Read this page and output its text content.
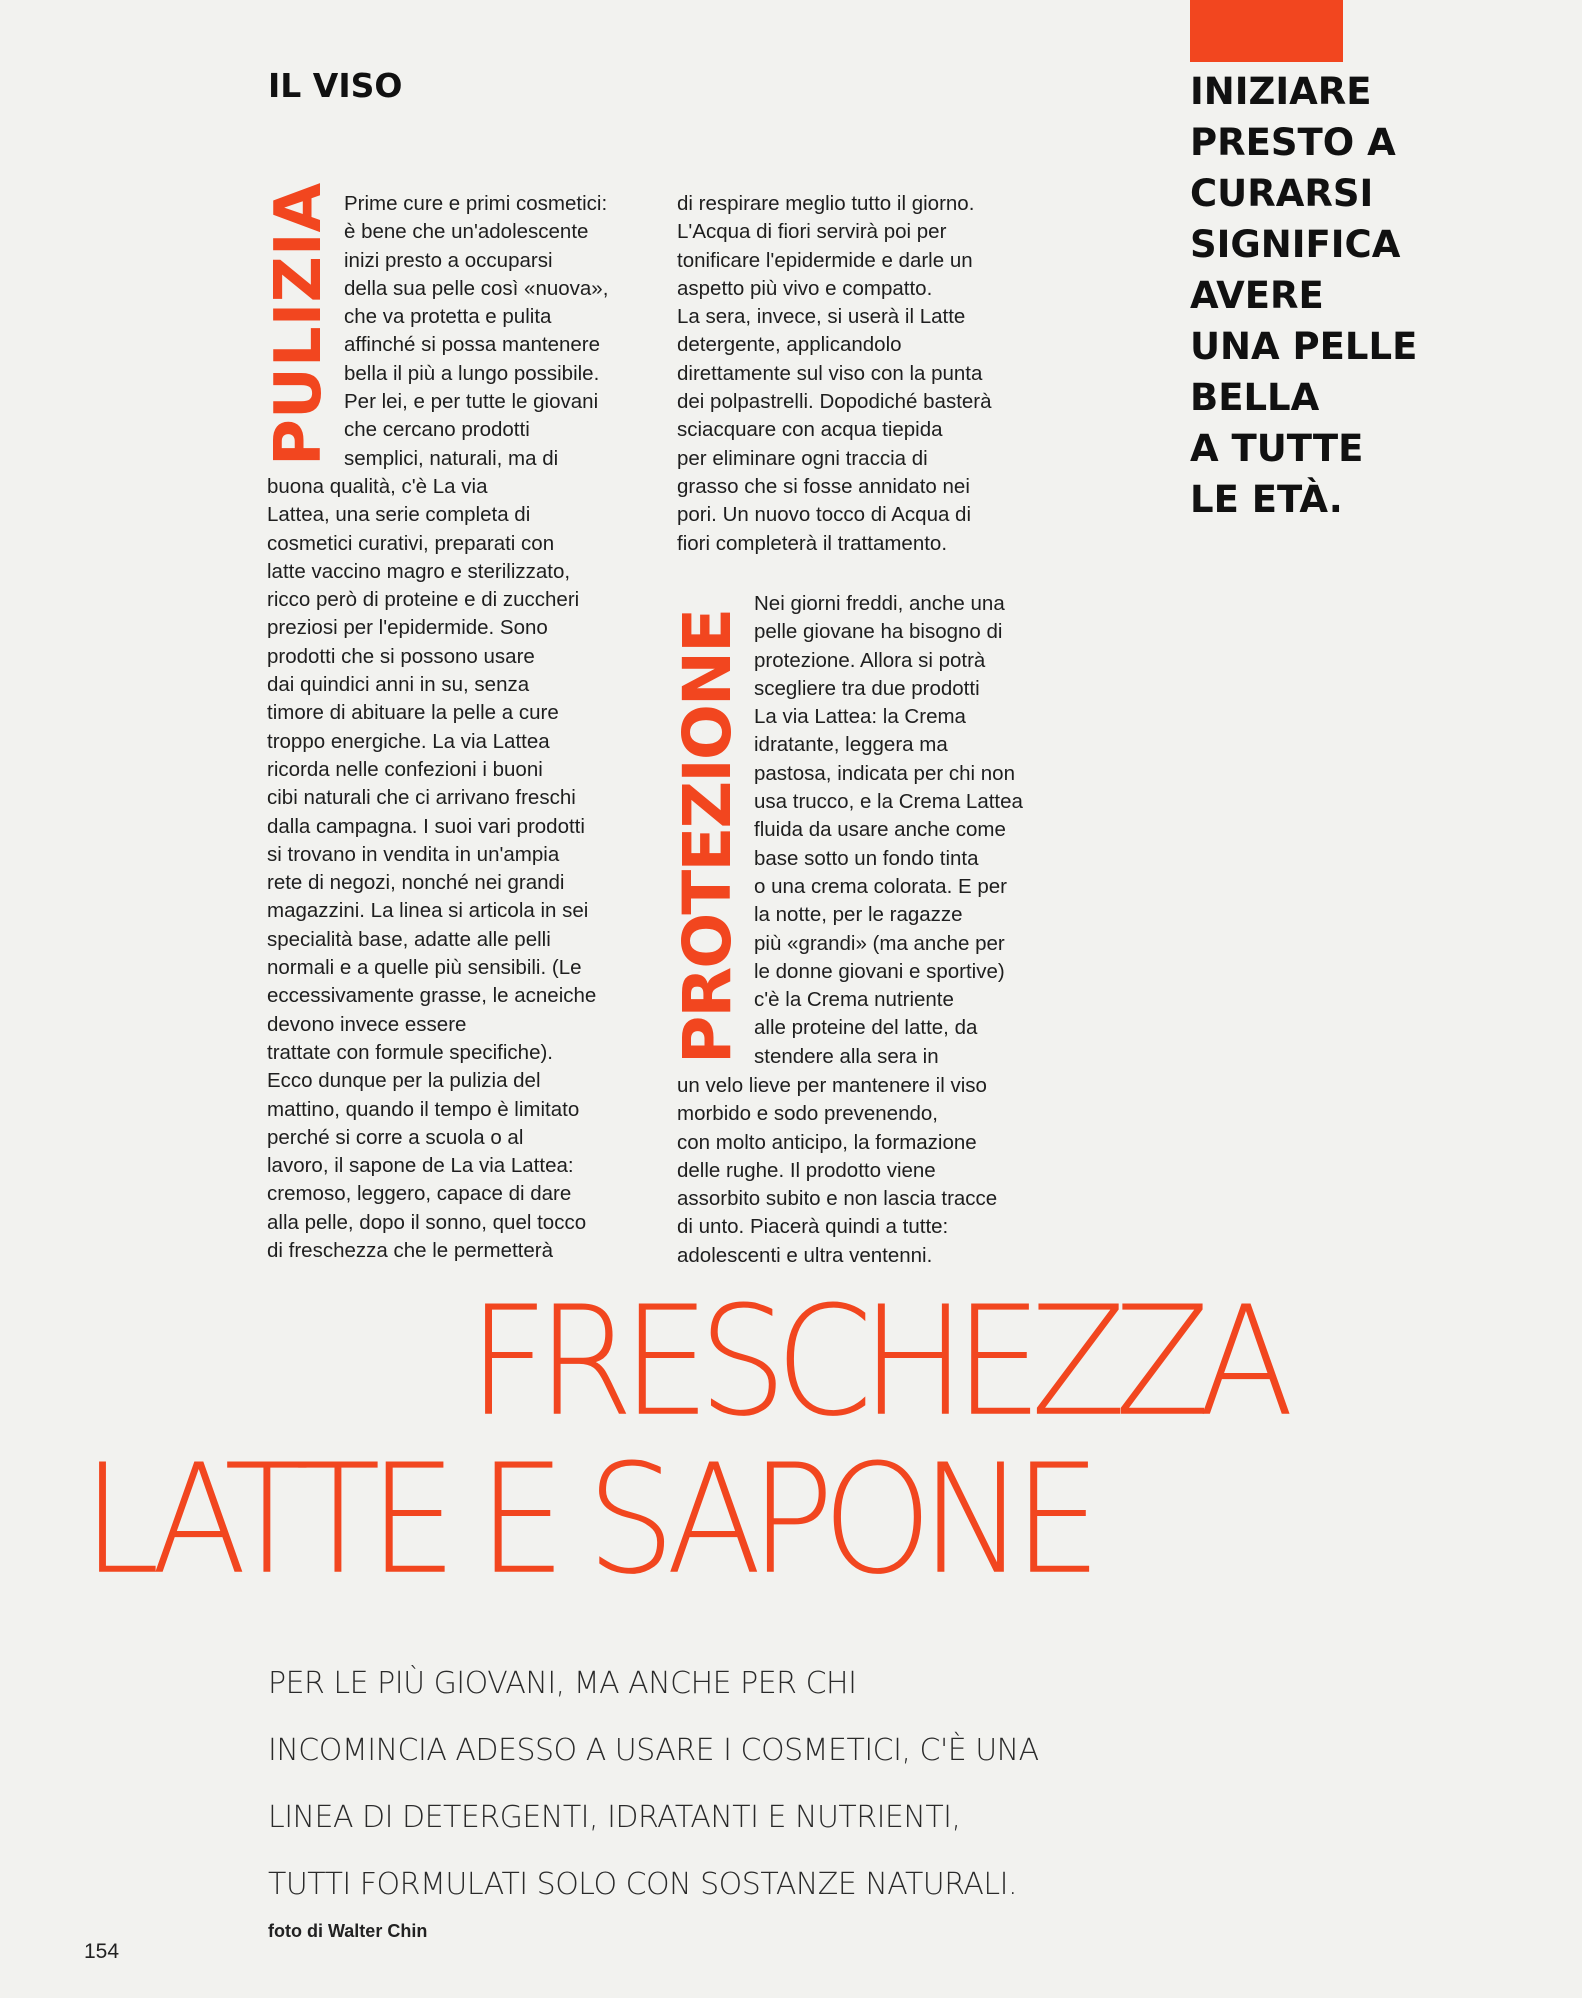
IL VISO	INIZIARE
PRESTO A
CURARSI
SIGNIFICA
AVERE
UNA PELLE
BELLA
A TUTTE
LE ETÀ.
PULIZIA
PROTEZIONE
Prime cure e primi cosmetici:
è bene che un'adolescente
inizi presto a occuparsi
della sua pelle così «nuova»,
che va protetta e pulita
affinché si possa mantenere
bella il più a lungo possibile.
Per lei, e per tutte le giovani
che cercano prodotti
semplici, naturali, ma di
buona qualità, c'è La via
Lattea, una serie completa di
cosmetici curativi, preparati con
latte vaccino magro e sterilizzato,
ricco però di proteine e di zuccheri
preziosi per l'epidermide. Sono
prodotti che si possono usare
dai quindici anni in su, senza
timore di abituare la pelle a cure
troppo energiche. La via Lattea
ricorda nelle confezioni i buoni
cibi naturali che ci arrivano freschi
dalla campagna. I suoi vari prodotti
si trovano in vendita in un'ampia
rete di negozi, nonché nei grandi
magazzini. La linea si articola in sei
specialità base, adatte alle pelli
normali e a quelle più sensibili. (Le
eccessivamente grasse, le acneiche
devono invece essere
trattate con formule specifiche).
Ecco dunque per la pulizia del
mattino, quando il tempo è limitato
perché si corre a scuola o al
lavoro, il sapone de La via Lattea:
cremoso, leggero, capace di dare
alla pelle, dopo il sonno, quel tocco
di freschezza che le permetterà
di respirare meglio tutto il giorno.
L'Acqua di fiori servirà poi per
tonificare l'epidermide e darle un
aspetto più vivo e compatto.
La sera, invece, si userà il Latte
detergente, applicandolo
direttamente sul viso con la punta
dei polpastrelli. Dopodiché basterà
sciacquare con acqua tiepida
per eliminare ogni traccia di
grasso che si fosse annidato nei
pori. Un nuovo tocco di Acqua di
fiori completerà il trattamento.
Nei giorni freddi, anche una
pelle giovane ha bisogno di
protezione. Allora si potrà
scegliere tra due prodotti
La via Lattea: la Crema
idratante, leggera ma
pastosa, indicata per chi non
usa trucco, e la Crema Lattea
fluida da usare anche come
base sotto un fondo tinta
o una crema colorata. E per
la notte, per le ragazze
più «grandi» (ma anche per
le donne giovani e sportive)
c'è la Crema nutriente
alle proteine del latte, da
stendere alla sera in
un velo lieve per mantenere il viso
morbido e sodo prevenendo,
con molto anticipo, la formazione
delle rughe. Il prodotto viene
assorbito subito e non lascia tracce
di unto. Piacerà quindi a tutte:
adolescenti e ultra ventenni.
FRESCHEZZA
LATTE E SAPONE
PER LE PIÙ GIOVANI, MA ANCHE PER CHI
INCOMINCIA ADESSO A USARE I COSMETICI, C'È UNA
LINEA DI DETERGENTI, IDRATANTI E NUTRIENTI,
TUTTI FORMULATI SOLO CON SOSTANZE NATURALI.
foto di Walter Chin
154
